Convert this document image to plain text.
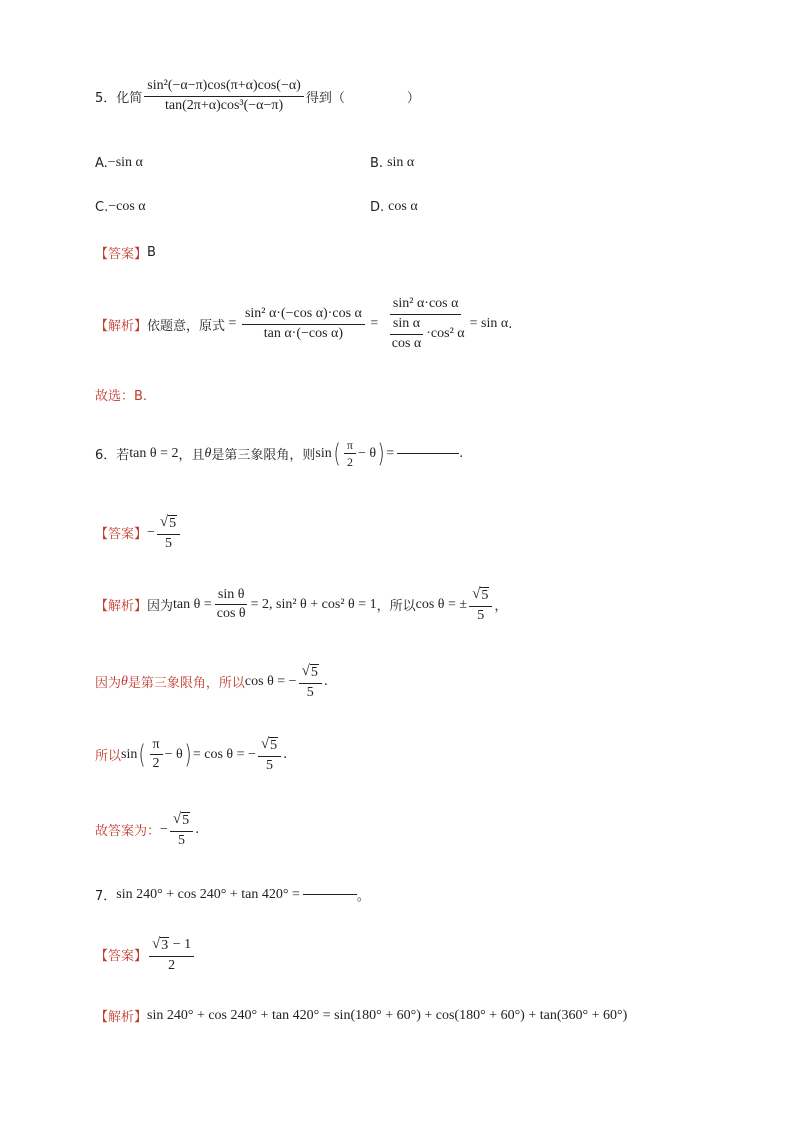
5．化简 $\frac{\text{sin²(−α−π)cos(π+α)cos(−α)}}{\text{tan(2π+α)cos³(−α−π)}}$ 得到（	）
A. −sin α	B. sin α
C. −cos α	D. cos α
【答案】 B
【解析】 依题意，原式 = $\frac{\text{sin² α·(−cos α)·cos α}}{\text{tan α·(−cos α)}} = \frac{\text{sin² α·cos α}}{\frac{\text{sin α}}{\text{cos α}} \cdot\cos^2 \alpha} = \sin \alpha$ .
故选：B.
6．若 tan θ = 2 ，且 θ 是第三象限角，则 sin ( $\frac{\pi}{2} - \theta$ ) =	.
【答案】 − $\frac{√ 5}{5}$
【解析】 因为 $\tan \theta = \frac{\text{sin θ}}{\text{cos θ}} = 2$, sin² θ + cos² θ = 1 ，所以 cos θ = ± $\frac{√ 5}{5}$ ，
因为 θ 是第三象限角，所以 cos θ = − $\frac{√ 5}{5}$ .
所以 sin ( $\frac{\pi}{2} - \theta$ ) = cos θ = − $\frac{√ 5}{5}$ .
故答案为： − $\frac{√ 5}{5}$ .
7． sin 240° + cos 240° + tan 420° =	。
【答案】 $\frac{√ 3 - 1}{2}$
【解析】 sin 240° + cos 240° + tan 420° = sin(180° + 60°) + cos(180° + 60°) + tan(360° + 60°)
